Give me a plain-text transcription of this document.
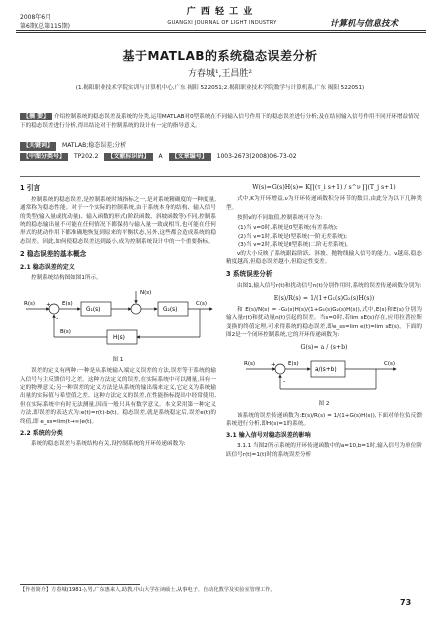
2008年6月
第6期(总第115期)
广 西 轻 工 业
GUANGXI JOURNAL OF LIGHT INDUSTRY	计算机与信息技术
基于MATLAB的系统稳态误差分析
方春城¹,王昌胜²
(1.揭阳职业技术学院实训与计算机中心,广东 揭阳 522051;2.揭阳职业技术学院数学与计算机系,广东 揭阳 522051)
【摘 要】 介绍控制系统的稳态误差及系统的分类,运用MATLAB对0型系统在不同输入信号作用下的稳态误差进行分析;及在结同输入信号作用不同开环增益情况下的稳态误差进行分析,得出结论对于控制系统的设计有一定的指导意义。
【关键词】	MATLAB;稳态误差;分析
【中图分类号】	TP202.2	【文献标识码】	A	【文章编号】	1003-2673(2008)06-73-02
1 引言
控制系统的稳态误差,是控制系统时域指标之一,是对系统精确度的一种度量,通常称为稳态性能。对于一个实际的控制系统,由于系统本身的结构、输入信号的类型(输入量或扰动量)、输入函数的形式(阶跃函数、斜坡函数等)不同,控制系统的稳态输出量不可能在任何情况下都保持与输入量一致或相当,也可能在任何形式的扰动作用下都准确地恢复到原来的平衡状态,另外,这些都会造成系统的稳态误差。因此,如何使稳态误差达到最小,成为控制系统设计中的一个重要指标。
2 稳态误差的基本概念
2.1 稳态误差的定义
控制系统结构图如图1所示。
R(s)	E(s)
G₁(s)	G₂(s)
H(s)
N(s)
C(s)
B(s)
+
-
图 1
误差的定义有两种:一种是从系统输入端定义误差的方法,误差等于系统的输入信号与主反馈信号之差。这种方法定义的误差,在实际系统中可以测量,具有一定的物理意义;另一种误差的定义方法是从系统的输出端来定义,它定义为系统输出量的实际值与希望值之差。这种方法定义的误差,在性能指标提出中经常使用,但在实际系统中有时无法测量,因而一般只具有数学意义。本文采用第一种定义方法,即误差的表达式为:e(t)=r(t)-b(t)。稳态误差,就是系统稳定后,误差e(t)的终值,即 e_ss=lim(t→∞)e(t)。
2.2 系统的分类
系统的稳态误差与系统结构有关,设控制系统的开环传递函数为:
W(s)=G(s)H(s)= K∏(τ_i s+1) / s^ν ∏(T_j s+1)
式中,K为开环增益,ν为开环传递函数积分环节的数目,由此分为以下几种类型。
按照ν的不同取值,控制系统可分为:
(1)当 ν=0时,系统是0型系统(有差系统);
(2)当 ν=1时,系统是Ⅰ型系统(一阶无差系统);
(3)当 ν=2时,系统是Ⅱ型系统(二阶无差系统)。
ν的大小反映了系统跟踪阶跃、斜坡、抛物线输入信号的能力。ν越高,稳态精度越高,但稳态误差越小,但稳定性变差。
3 系统误差分析
由图1,输入信号r(t)和扰动信号n(t)分别作用时,系统的误差传递函数分别为:
E(s)/R(s) = 1/(1+G₁(s)G₂(s)H(s))
和 E(s)/N(s) = -G₂(s)H(s)/(1+G₁(s)G₂(s)H(s)),式中,E(s)和E(s)分别为输入量r(t)和扰动量n(t)引起的误差。当s=0时,若lim sE(s)存在,应用拉普拉斯变换的终值定理,可求得系统的稳态误差,即e_ss=lim e(t)=lim sE(s)。下面的图2是一个闭环控制系统,它的开环传递函数为:
G(s)= a / (s+b)
R(s)	E(s)
a/(s+b)
C(s)
+
-
图 2
该系统的误差传递函数为:E(s)/R(s) = 1/(1+G(s)H(s)),下面对单位负反馈系统进行分析,即H(s)=1的系统。
3.1 输入信号对稳态误差的影响
3.1.1 当图2所示系统的开环传递函数中的a=10,b=1时,输入信号为单位阶跃信号r(t)=1(t)时的系统误差分析
【作者简介】方春城(1981-),男,广东惠来人,助教,中山大学在读硕士,从事电子、自动化教学及实验室管理工作。
73
